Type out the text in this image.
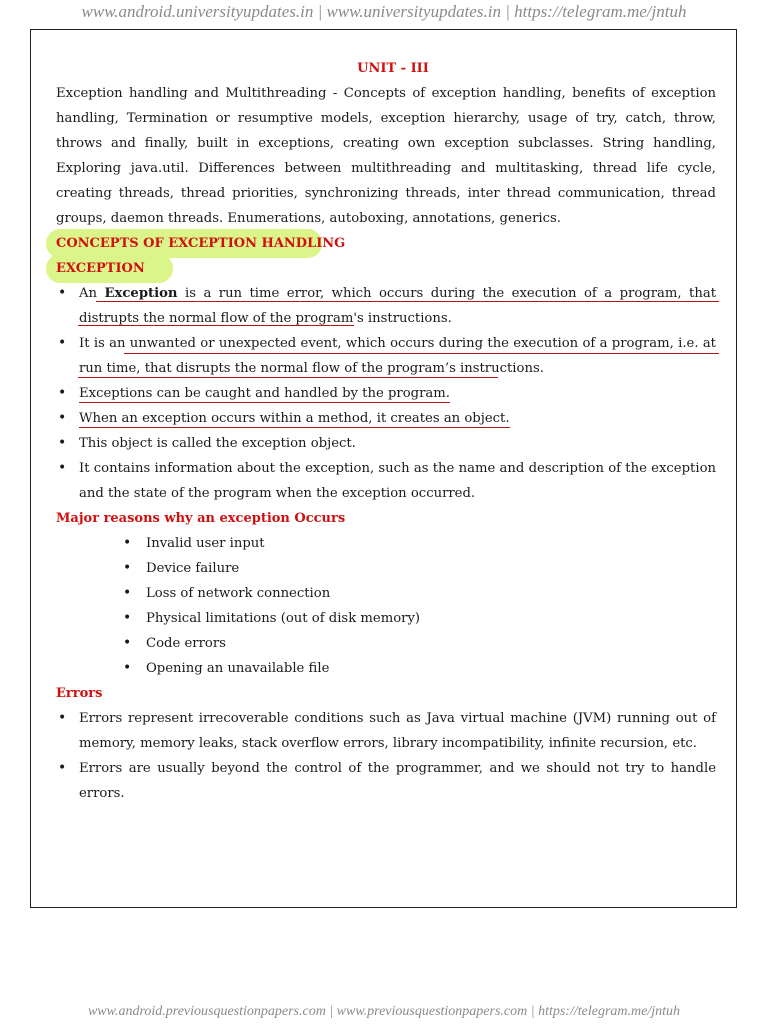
www.android.universityupdates.in | www.universityupdates.in | https://telegram.me/jntuh
UNIT - III

Exception handling and Multithreading - Concepts of exception handling, benefits of exception handling, Termination or resumptive models, exception hierarchy, usage of try, catch, throw, throws and finally, built in exceptions, creating own exception subclasses. String handling, Exploring java.util. Differences between multithreading and multitasking, thread life cycle, creating threads, thread priorities, synchronizing threads, inter thread communication, thread groups, daemon threads. Enumerations, autoboxing, annotations, generics.

CONCEPTS OF EXCEPTION HANDLING
EXCEPTION
• An Exception is a run time error, which occurs during the execution of a program, that distrupts the normal flow of the program's instructions.
• It is an unwanted or unexpected event, which occurs during the execution of a program, i.e. at run time, that disrupts the normal flow of the program’s instructions.
• Exceptions can be caught and handled by the program.
• When an exception occurs within a method, it creates an object.
• This object is called the exception object.
• It contains information about the exception, such as the name and description of the exception and the state of the program when the exception occurred.
Major reasons why an exception Occurs
• Invalid user input
• Device failure
• Loss of network connection
• Physical limitations (out of disk memory)
• Code errors
• Opening an unavailable file
Errors
• Errors represent irrecoverable conditions such as Java virtual machine (JVM) running out of memory, memory leaks, stack overflow errors, library incompatibility, infinite recursion, etc.
• Errors are usually beyond the control of the programmer, and we should not try to handle errors.
www.android.previousquestionpapers.com | www.previousquestionpapers.com | https://telegram.me/jntuh
